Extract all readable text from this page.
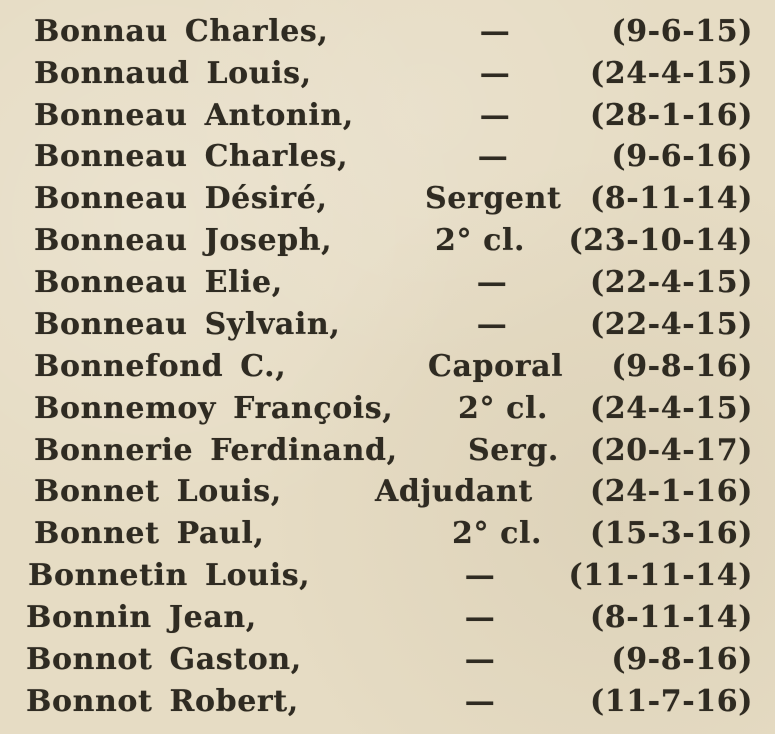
Bonnau Charles,	—	(9-6-15)
Bonnaud Louis,	—	(24-4-15)
Bonneau Antonin,	—	(28-1-16)
Bonneau Charles,	—	(9-6-16)
Bonneau Désiré,	Sergent (8-11-14)
Bonneau Joseph,	2° cl. (23-10-14)
Bonneau Elie,	—	(22-4-15)
Bonneau Sylvain,	—	(22-4-15)
Bonnefond C.,	Caporal (9-8-16)
Bonnemoy François, 2° cl. (24-4-15)
Bonnerie Ferdinand, Serg. (20-4-17)
Bonnet Louis,	Adjudant (24-1-16)
Bonnet Paul,	2° cl. (15-3-16)
Bonnetin Louis,	—	(11-11-14)
Bonnin Jean,	—	(8-11-14)
Bonnot Gaston,	—	(9-8-16)
Bonnot Robert,	—	(11-7-16)
